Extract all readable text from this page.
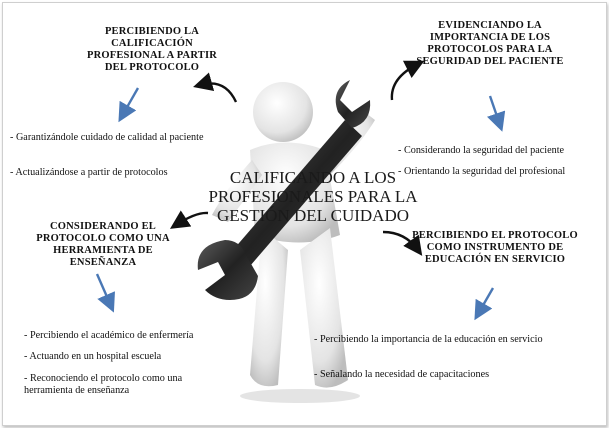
PERCIBIENDO LA CALIFICACIÓN PROFESIONAL A PARTIR DEL PROTOCOLO
- Garantizándole cuidado de calidad al paciente
- Actualizándose a partir de protocolos
EVIDENCIANDO LA IMPORTANCIA DE LOS PROTOCOLOS PARA LA SEGURIDAD DEL PACIENTE
- Considerando la seguridad del paciente
- Orientando la seguridad del profesional
CALIFICANDO A LOS PROFESIONALES PARA LA GESTIÓN DEL CUIDADO
CONSIDERANDO EL PROTOCOLO COMO UNA HERRAMIENTA DE ENSEÑANZA
- Percibiendo el académico de enfermería
- Actuando en un hospital escuela
- Reconociendo el protocolo como una herramienta de enseñanza
PERCIBIENDO EL PROTOCOLO COMO INSTRUMENTO DE EDUCACIÓN EN SERVICIO
- Percibiendo la importancia de la educación en servicio
- Señalando la necesidad de capacitaciones
